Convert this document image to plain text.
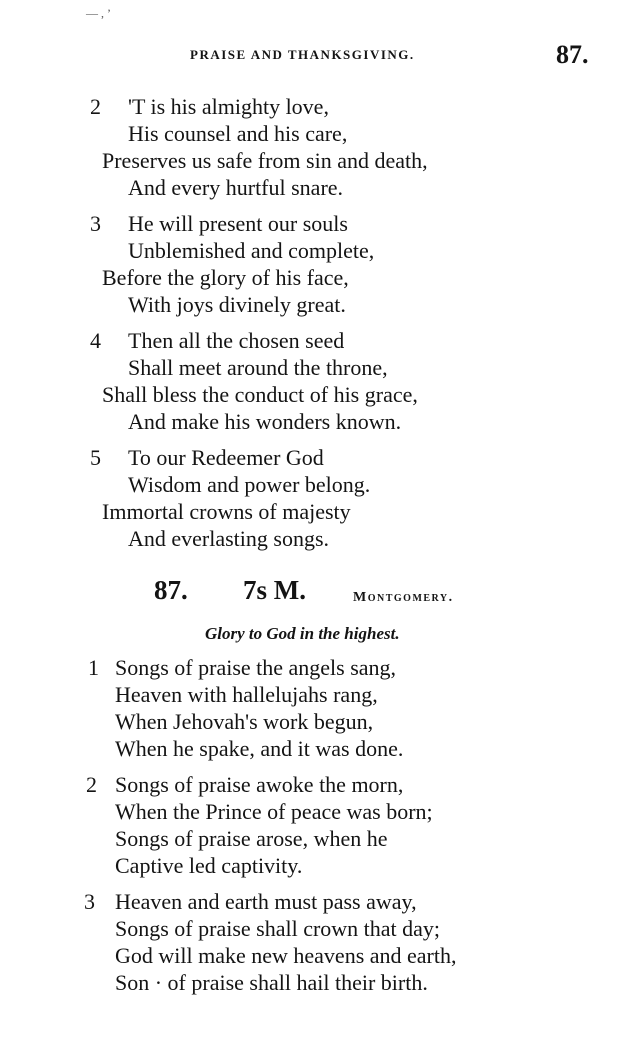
— , ’
PRAISE AND THANKSGIVING.	87.
2 'T is his almighty love,
His counsel and his care,
Preserves us safe from sin and death,
And every hurtful snare.
3 He will present our souls
Unblemished and complete,
Before the glory of his face,
With joys divinely great.
4 Then all the chosen seed
Shall meet around the throne,
Shall bless the conduct of his grace,
And make his wonders known.
5 To our Redeemer God
Wisdom and power belong.
Immortal crowns of majesty
And everlasting songs.
87. 7s M.	Montgomery.
Glory to God in the highest.
1 Songs of praise the angels sang,
Heaven with hallelujahs rang,
When Jehovah's work begun,
When he spake, and it was done.
2 Songs of praise awoke the morn,
When the Prince of peace was born;
Songs of praise arose, when he
Captive led captivity.
3 Heaven and earth must pass away,
Songs of praise shall crown that day;
God will make new heavens and earth,
Son · of praise shall hail their birth.
